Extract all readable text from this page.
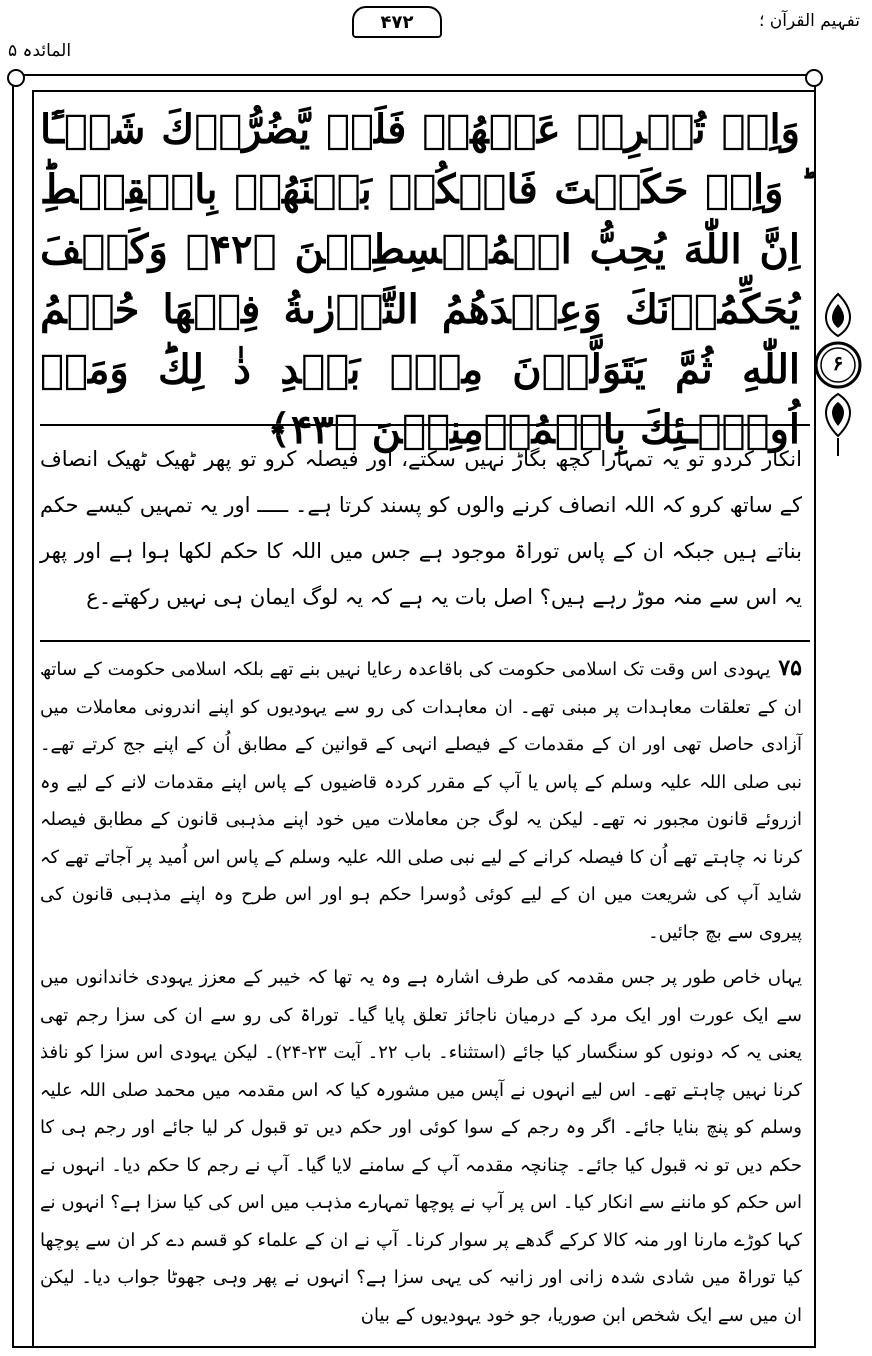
المائدہ ۵
تفہیم القرآن ؛
۴۷۲
وَاِنۡ تُعۡرِضۡ عَنۡهُمۡ فَلَنۡ يَّضُرُّوۡكَ شَيۡـًٔا‌ ؕ وَاِنۡ حَكَمۡتَ فَاحۡكُمۡ بَيۡنَهُمۡ بِالۡقِسۡطِ‌ؕ اِنَّ اللّٰهَ يُحِبُّ الۡمُقۡسِطِيۡنَ ﴿۴۲﴾ وَكَيۡفَ يُحَكِّمُوۡنَكَ وَعِنۡدَهُمُ التَّوۡرٰٮةُ فِيۡهَا حُكۡمُ اللّٰهِ ثُمَّ يَتَوَلَّوۡنَ مِنۡۢ بَعۡدِ ذٰ لِكَ‌ؕ وَمَاۤ اُولٰۤـئِكَ بِالۡمُؤۡمِنِيۡنَ ﴿۴۳﴾
۶
انکار کردو تو یہ تمہارا کچھ بگاڑ نہیں سکتے، اور فیصلہ کرو تو پھر ٹھیک ٹھیک انصاف کے ساتھ کرو کہ اللہ انصاف کرنے والوں کو پسند کرتا ہے۔ ـــــ اور یہ تمہیں کیسے حکم بناتے ہیں جبکہ ان کے پاس توراۃ موجود ہے جس میں اللہ کا حکم لکھا ہوا ہے اور پھر یہ اس سے منہ موڑ رہے ہیں؟ اصل بات یہ ہے کہ یہ لوگ ایمان ہی نہیں رکھتے۔ع

۷۵یہودی اس وقت تک اسلامی حکومت کی باقاعدہ رعایا نہیں بنے تھے بلکہ اسلامی حکومت کے ساتھ ان کے تعلقات معاہدات پر مبنی تھے۔ ان معاہدات کی رو سے یہودیوں کو اپنے اندرونی معاملات میں آزادی حاصل تھی اور ان کے مقدمات کے فیصلے انہی کے قوانین کے مطابق اُن کے اپنے جج کرتے تھے۔ نبی صلی اللہ علیہ وسلم کے پاس یا آپ کے مقرر کردہ قاضیوں کے پاس اپنے مقدمات لانے کے لیے وہ ازروئے قانون مجبور نہ تھے۔ لیکن یہ لوگ جن معاملات میں خود اپنے مذہبی قانون کے مطابق فیصلہ کرنا نہ چاہتے تھے اُن کا فیصلہ کرانے کے لیے نبی صلی اللہ علیہ وسلم کے پاس اس اُمید پر آجاتے تھے کہ شاید آپ کی شریعت میں ان کے لیے کوئی دُوسرا حکم ہو اور اس طرح وہ اپنے مذہبی قانون کی پیروی سے بچ جائیں۔

یہاں خاص طور پر جس مقدمہ کی طرف اشارہ ہے وہ یہ تھا کہ خیبر کے معزز یہودی خاندانوں میں سے ایک عورت اور ایک مرد کے درمیان ناجائز تعلق پایا گیا۔ توراۃ کی رو سے ان کی سزا رجم تھی یعنی یہ کہ دونوں کو سنگسار کیا جائے (استثناء۔ باب ۲۲۔ آیت ۲۳-۲۴)۔ لیکن یہودی اس سزا کو نافذ کرنا نہیں چاہتے تھے۔ اس لیے انہوں نے آپس میں مشورہ کیا کہ اس مقدمہ میں محمد صلی اللہ علیہ وسلم کو پنچ بنایا جائے۔ اگر وہ رجم کے سوا کوئی اور حکم دیں تو قبول کر لیا جائے اور رجم ہی کا حکم دیں تو نہ قبول کیا جائے۔ چنانچہ مقدمہ آپ کے سامنے لایا گیا۔ آپ نے رجم کا حکم دیا۔ انہوں نے اس حکم کو ماننے سے انکار کیا۔ اس پر آپ نے پوچھا تمہارے مذہب میں اس کی کیا سزا ہے؟ انہوں نے کہا کوڑے مارنا اور منہ کالا کرکے گدھے پر سوار کرنا۔ آپ نے ان کے علماء کو قسم دے کر ان سے پوچھا کیا توراۃ میں شادی شدہ زانی اور زانیہ کی یہی سزا ہے؟ انہوں نے پھر وہی جھوٹا جواب دیا۔ لیکن ان میں سے ایک شخص ابن صوریا، جو خود یہودیوں کے بیان
